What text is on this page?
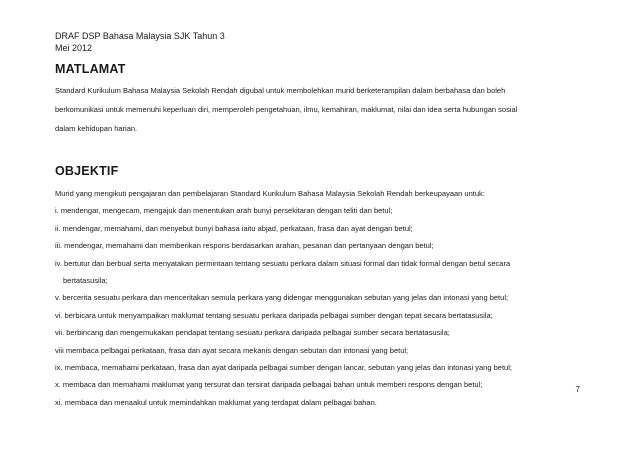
DRAF DSP Bahasa Malaysia SJK Tahun 3
Mei 2012
MATLAMAT

Standard Kurikulum Bahasa Malaysia Sekolah Rendah digubal untuk membolehkan murid berketerampilan dalam berbahasa dan boleh

berkomunikasi untuk memenuhi keperluan diri, memperoleh pengetahuan, ilmu, kemahiran, maklumat, nilai dan idea serta hubungan sosial

dalam kehidupan harian.

OBJEKTIF

Murid yang mengikuti pengajaran dan pembelajaran Standard Kurikulum Bahasa Malaysia Sekolah Rendah berkeupayaan untuk:

i. mendengar, mengecam, mengajuk dan menentukan arah bunyi persekitaran dengan teliti dan betul;

ii. mendengar, memahami, dan menyebut bunyi bahasa iaitu abjad, perkataan, frasa dan ayat dengan betul;

iii. mendengar, memahami dan memberikan respons berdasarkan arahan, pesanan dan pertanyaan dengan betul;

iv. bertutur dan berbual serta menyatakan permintaan tentang sesuatu perkara dalam situasi formal dan tidak formal dengan betul secara

bertatasusila;

v. bercerita sesuatu perkara dan menceritakan semula perkara yang didengar menggunakan sebutan yang jelas dan intonasi yang betul;

vi. berbicara untuk menyampaikan maklumat tentang sesuatu perkara daripada pelbagai sumber dengan tepat secara bertatasusila;

vii. berbincang dan mengemukakan pendapat tentang sesuatu perkara daripada pelbagai sumber secara bertatasusila;

viii membaca pelbagai perkataan, frasa dan ayat secara mekanis dengan sebutan dan intonasi yang betul;

ix. membaca, memahami perkataan, frasa dan ayat daripada pelbagai sumber dengan lancar, sebutan yang jelas dan intonasi yang betul;

x. membaca dan memahami maklumat yang tersurat dan tersirat daripada pelbagai bahan untuk memberi respons dengan betul;

xi. membaca dan menaakul untuk memindahkan maklumat yang terdapat dalam pelbagai bahan.

7
